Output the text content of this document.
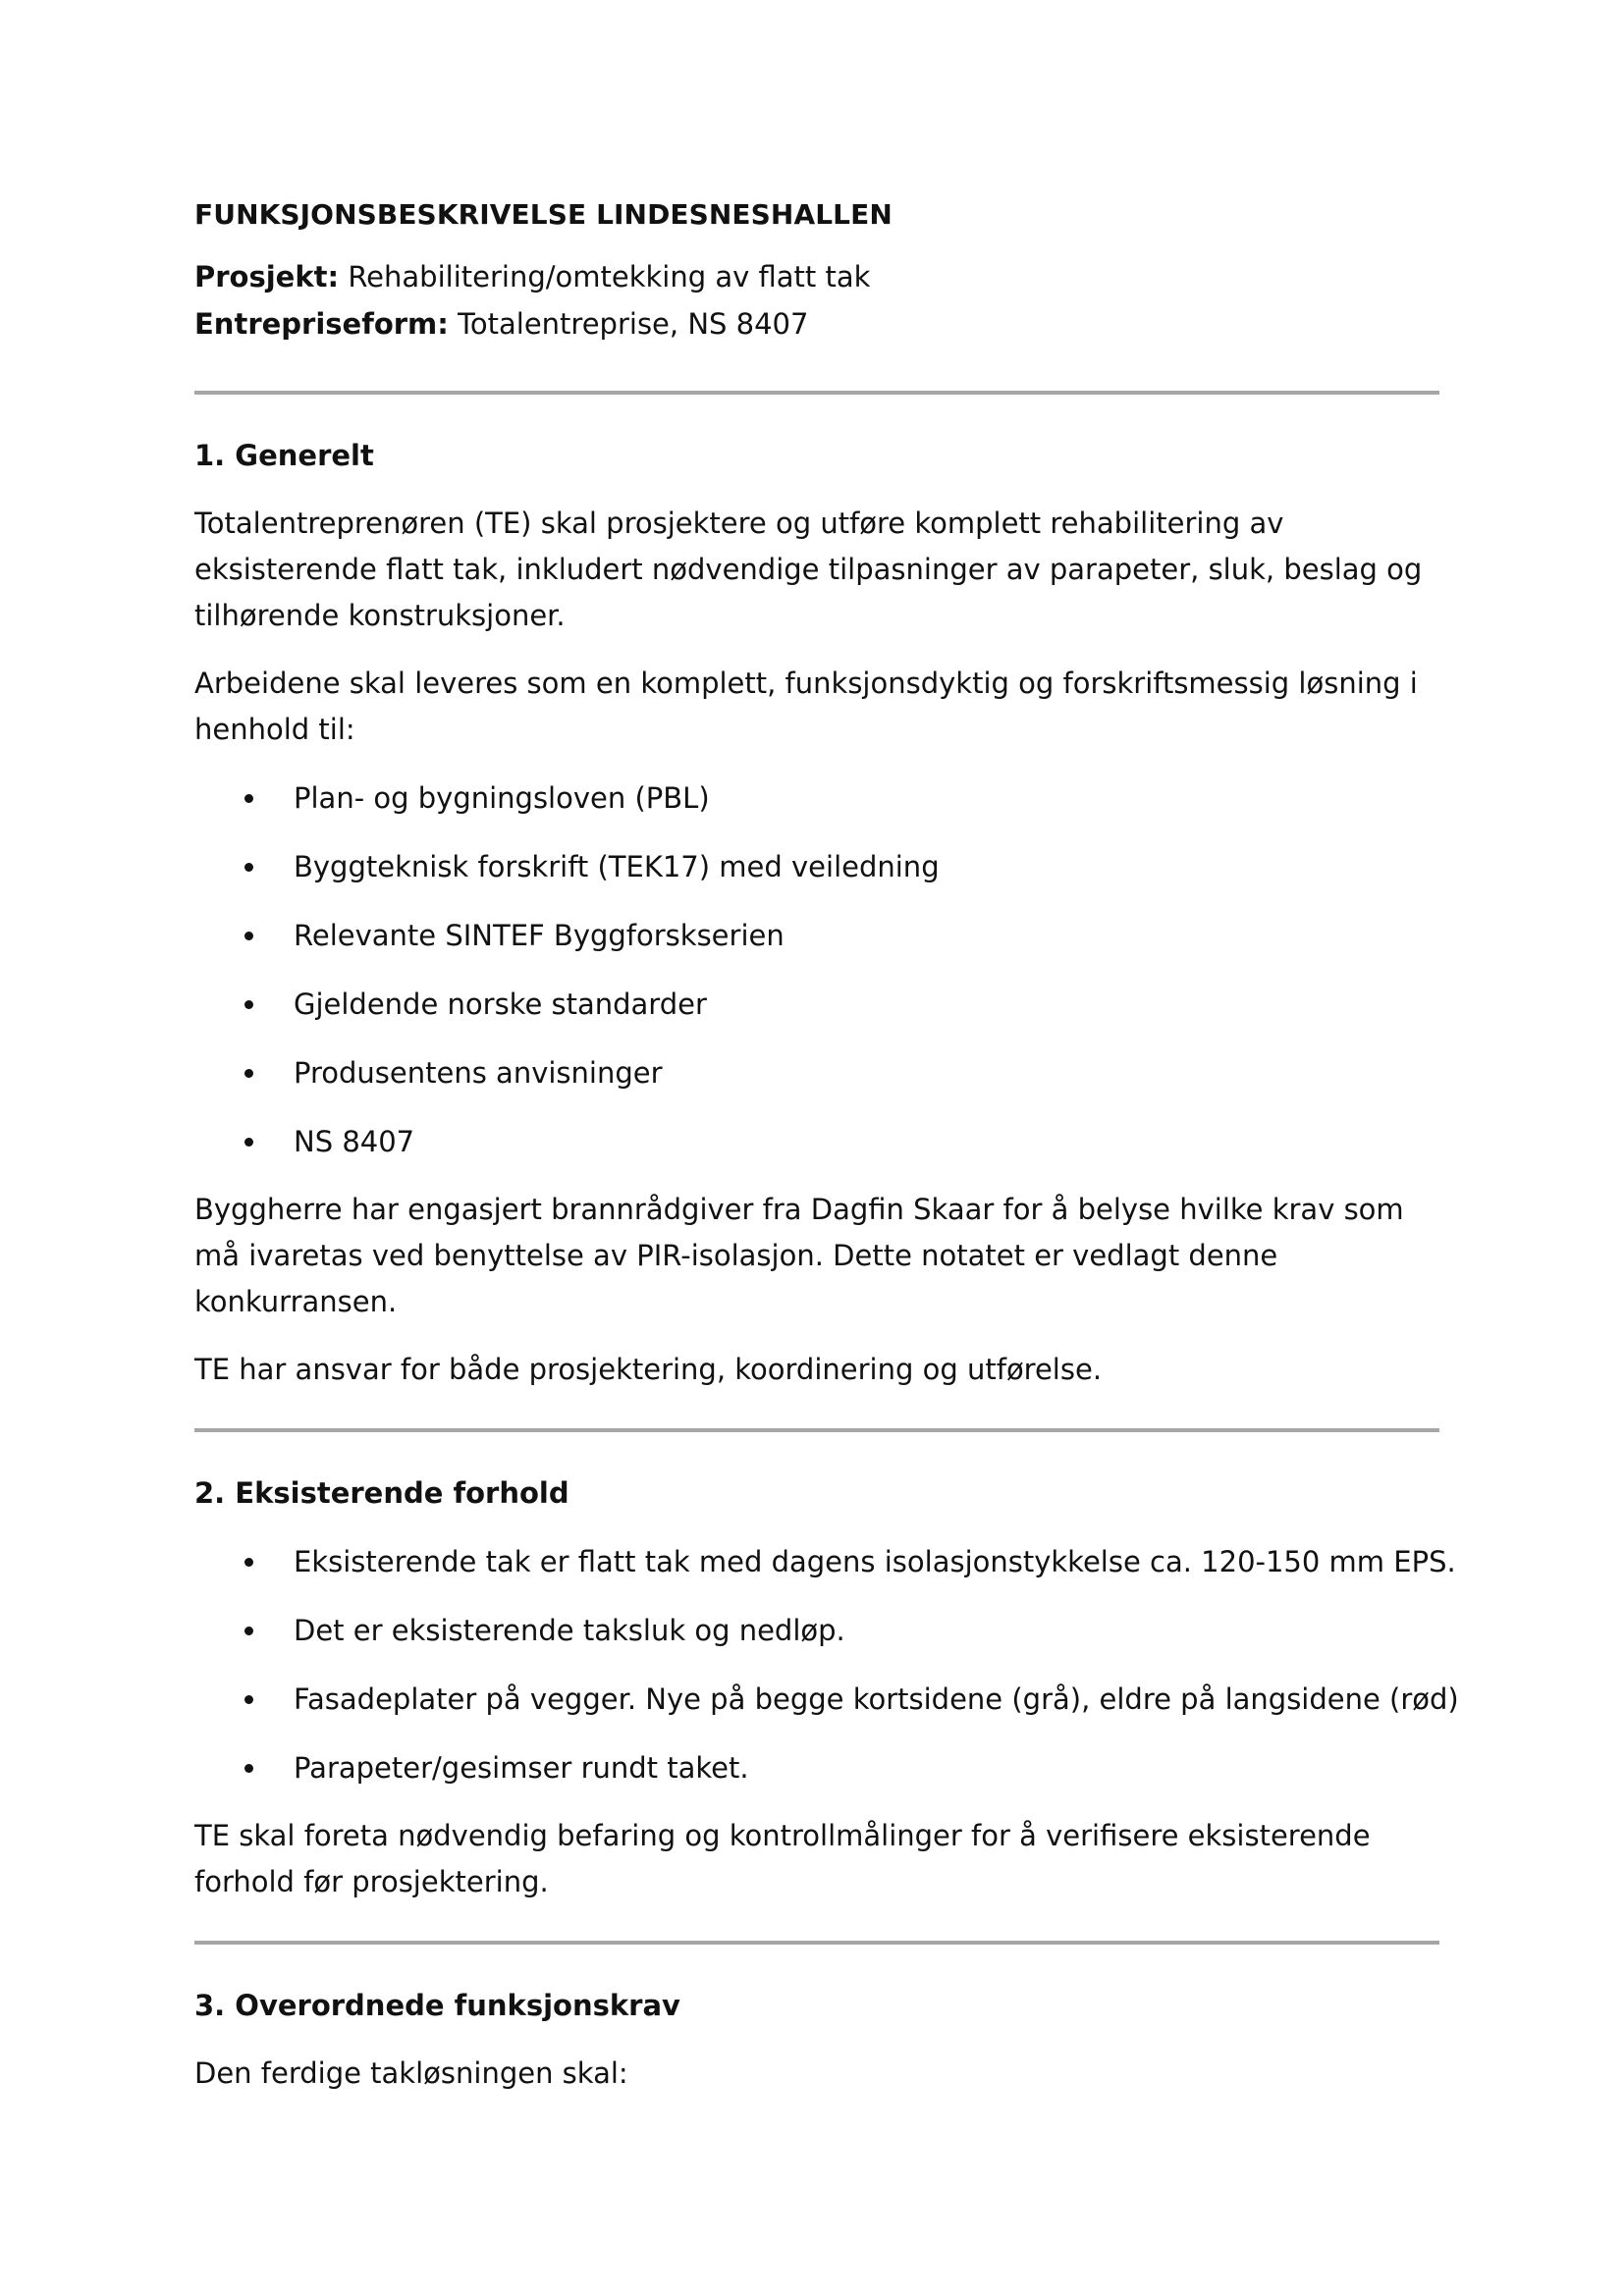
FUNKSJONSBESKRIVELSE LINDESNESHALLEN

Prosjekt: Rehabilitering/omtekking av flatt tak

Entrepriseform: Totalentreprise, NS 8407

1. Generelt

Totalentreprenøren (TE) skal prosjektere og utføre komplett rehabilitering av eksisterende flatt tak, inkludert nødvendige tilpasninger av parapeter, sluk, beslag og tilhørende konstruksjoner.

Arbeidene skal leveres som en komplett, funksjonsdyktig og forskriftsmessig løsning i henhold til:

Plan- og bygningsloven (PBL)
Byggteknisk forskrift (TEK17) med veiledning
Relevante SINTEF Byggforskserien
Gjeldende norske standarder
Produsentens anvisninger
NS 8407

Byggherre har engasjert brannrådgiver fra Dagfin Skaar for å belyse hvilke krav som må ivaretas ved benyttelse av PIR-isolasjon. Dette notatet er vedlagt denne konkurransen.

TE har ansvar for både prosjektering, koordinering og utførelse.

2. Eksisterende forhold
Eksisterende tak er flatt tak med dagens isolasjonstykkelse ca. 120-150 mm EPS.
Det er eksisterende taksluk og nedløp.
Fasadeplater på vegger. Nye på begge kortsidene (grå), eldre på langsidene (rød)
Parapeter/gesimser rundt taket.

TE skal foreta nødvendig befaring og kontrollmålinger for å verifisere eksisterende forhold før prosjektering.

3. Overordnede funksjonskrav

Den ferdige takløsningen skal:
